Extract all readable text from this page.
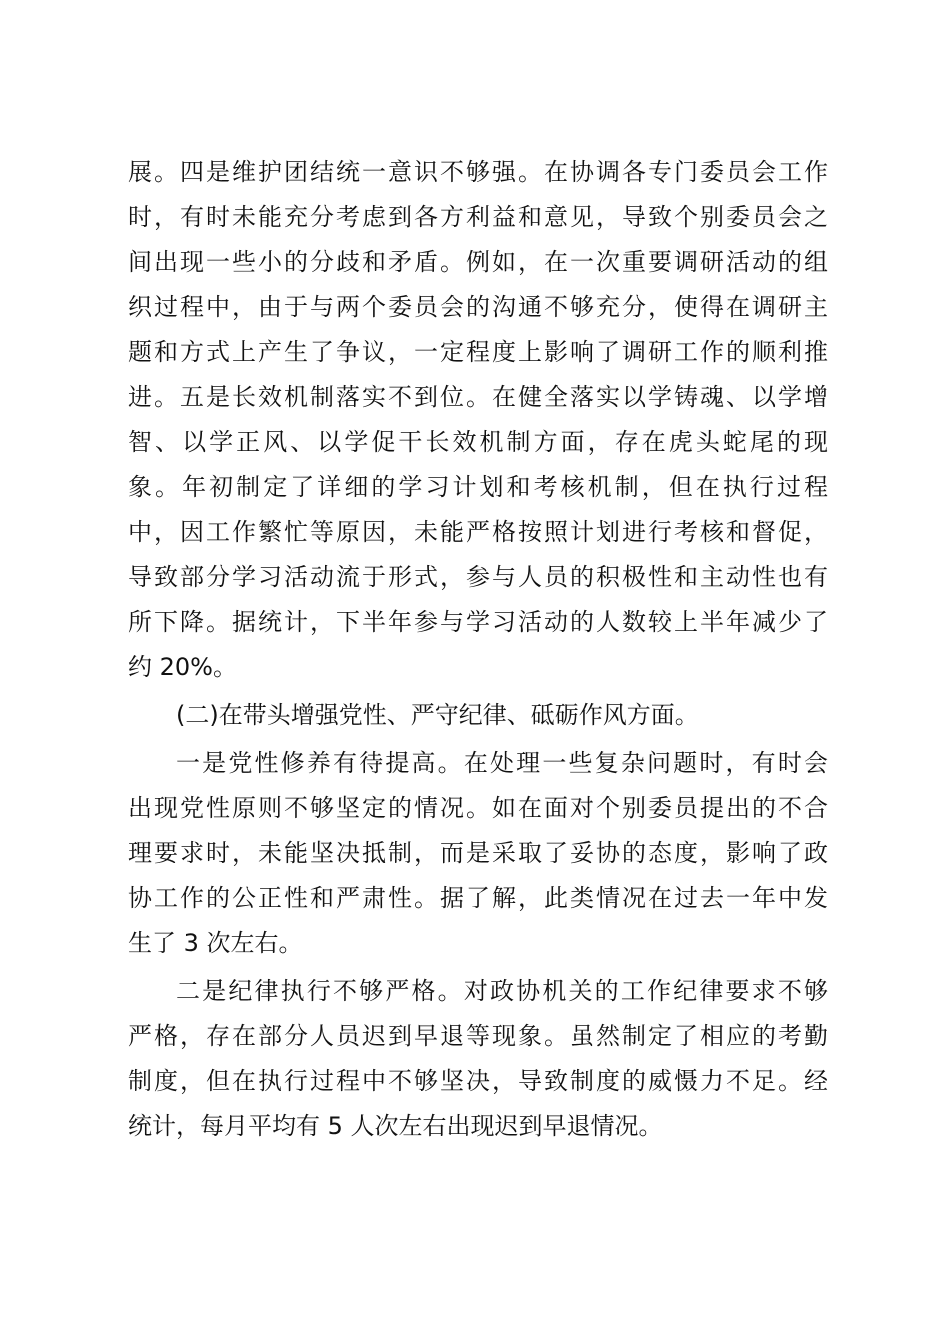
展。四是维护团结统一意识不够强。在协调各专门委员会工作
时，有时未能充分考虑到各方利益和意见，导致个别委员会之
间出现一些小的分歧和矛盾。例如，在一次重要调研活动的组
织过程中，由于与两个委员会的沟通不够充分，使得在调研主
题和方式上产生了争议，一定程度上影响了调研工作的顺利推
进。五是长效机制落实不到位。在健全落实以学铸魂、以学增
智、以学正风、以学促干长效机制方面，存在虎头蛇尾的现
象。年初制定了详细的学习计划和考核机制，但在执行过程
中，因工作繁忙等原因，未能严格按照计划进行考核和督促，
导致部分学习活动流于形式，参与人员的积极性和主动性也有
所下降。据统计，下半年参与学习活动的人数较上半年减少了
约 20%。
(二)在带头增强党性、严守纪律、砥砺作风方面。
一是党性修养有待提高。在处理一些复杂问题时，有时会
出现党性原则不够坚定的情况。如在面对个别委员提出的不合
理要求时，未能坚决抵制，而是采取了妥协的态度，影响了政
协工作的公正性和严肃性。据了解，此类情况在过去一年中发
生了 3 次左右。
二是纪律执行不够严格。对政协机关的工作纪律要求不够
严格，存在部分人员迟到早退等现象。虽然制定了相应的考勤
制度，但在执行过程中不够坚决，导致制度的威慑力不足。经
统计，每月平均有 5 人次左右出现迟到早退情况。
